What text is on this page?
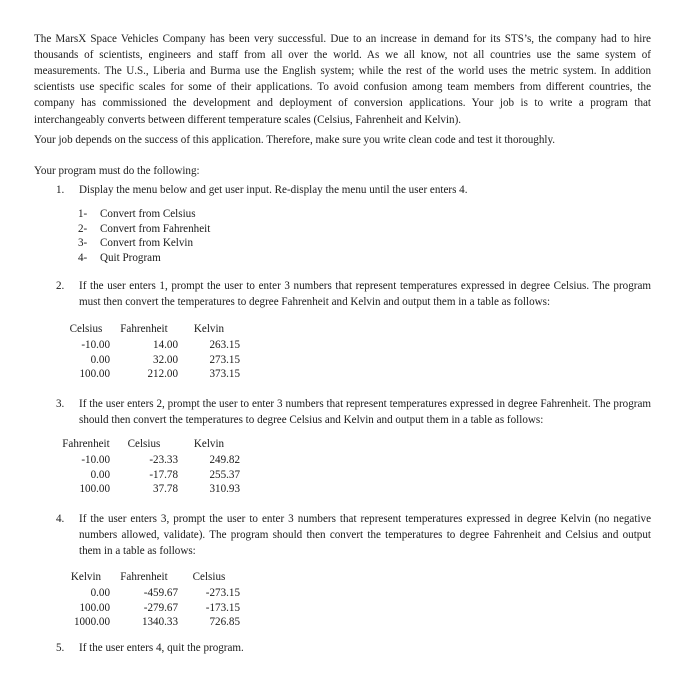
The MarsX Space Vehicles Company has been very successful. Due to an increase in demand for its STS’s, the company had to hire thousands of scientists, engineers and staff from all over the world. As we all know, not all countries use the same system of measurements. The U.S., Liberia and Burma use the English system; while the rest of the world uses the metric system. In addition scientists use specific scales for some of their applications. To avoid confusion among team members from different countries, the company has commissioned the development and deployment of conversion applications. Your job is to write a program that interchangeably converts between different temperature scales (Celsius, Fahrenheit and Kelvin).

Your job depends on the success of this application. Therefore, make sure you write clean code and test it thoroughly.

Your program must do the following:

1.	Display the menu below and get user input. Re-display the menu until the user enters 4.
1-	Convert from Celsius
2-	Convert from Fahrenheit
3-	Convert from Kelvin
4-	Quit Program
2.	If the user enters 1, prompt the user to enter 3 numbers that represent temperatures expressed in degree Celsius. The program must then convert the temperatures to degree Fahrenheit and Kelvin and output them in a table as follows:
Celsius	Fahrenheit	Kelvin
-10.00	14.00	263.15
0.00	32.00	273.15
100.00	212.00	373.15
3.	If the user enters 2, prompt the user to enter 3 numbers that represent temperatures expressed in degree Fahrenheit. The program should then convert the temperatures to degree Celsius and Kelvin and output them in a table as follows:
Fahrenheit	Celsius	Kelvin
-10.00	-23.33	249.82
0.00	-17.78	255.37
100.00	37.78	310.93
4.	If the user enters 3, prompt the user to enter 3 numbers that represent temperatures expressed in degree Kelvin (no negative numbers allowed, validate). The program should then convert the temperatures to degree Fahrenheit and Celsius and output them in a table as follows:
Kelvin	Fahrenheit	Celsius
0.00	-459.67	-273.15
100.00	-279.67	-173.15
1000.00	1340.33	726.85
5.	If the user enters 4, quit the program.
